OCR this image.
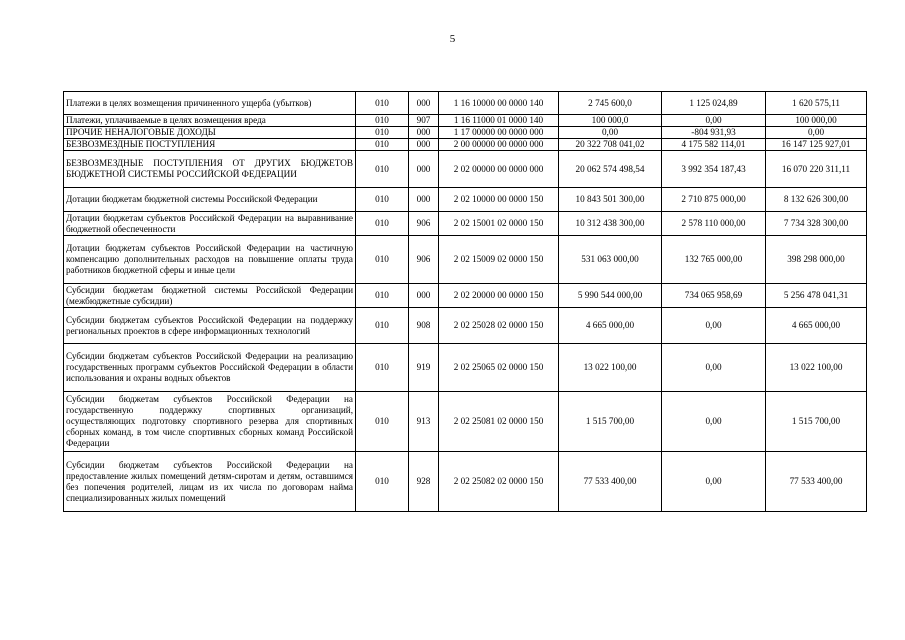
5
Платежи в целях возмещения причиненного ущерба (убытков)	010	000	1 16 10000 00 0000 140	2 745 600,0	1 125 024,89	1 620 575,11
Платежи, уплачиваемые в целях возмещения вреда	010	907	1 16 11000 01 0000 140	100 000,0	0,00	100 000,00
ПРОЧИЕ НЕНАЛОГОВЫЕ ДОХОДЫ	010	000	1 17 00000 00 0000 000	0,00	-804 931,93	0,00
БЕЗВОЗМЕЗДНЫЕ ПОСТУПЛЕНИЯ	010	000	2 00 00000 00 0000 000	20 322 708 041,02	4 175 582 114,01	16 147 125 927,01
БЕЗВОЗМЕЗДНЫЕ ПОСТУПЛЕНИЯ ОТ ДРУГИХ БЮДЖЕТОВ БЮДЖЕТНОЙ СИСТЕМЫ РОССИЙСКОЙ ФЕДЕРАЦИИ	010	000	2 02 00000 00 0000 000	20 062 574 498,54	3 992 354 187,43	16 070 220 311,11
Дотации бюджетам бюджетной системы Российской Федерации	010	000	2 02 10000 00 0000 150	10 843 501 300,00	2 710 875 000,00	8 132 626 300,00
Дотации бюджетам субъектов Российской Федерации на выравнивание бюджетной обеспеченности	010	906	2 02 15001 02 0000 150	10 312 438 300,00	2 578 110 000,00	7 734 328 300,00
Дотации бюджетам субъектов Российской Федерации на частичную компенсацию дополнительных расходов на повышение оплаты труда работников бюджетной сферы и иные цели	010	906	2 02 15009 02 0000 150	531 063 000,00	132 765 000,00	398 298 000,00
Субсидии бюджетам бюджетной системы Российской Федерации (межбюджетные субсидии)	010	000	2 02 20000 00 0000 150	5 990 544 000,00	734 065 958,69	5 256 478 041,31
Субсидии бюджетам субъектов Российской Федерации на поддержку региональных проектов в сфере информационных технологий	010	908	2 02 25028 02 0000 150	4 665 000,00	0,00	4 665 000,00
Субсидии бюджетам субъектов Российской Федерации на реализацию государственных программ субъектов Российской Федерации в области использования и охраны водных объектов	010	919	2 02 25065 02 0000 150	13 022 100,00	0,00	13 022 100,00
Субсидии бюджетам субъектов Российской Федерации на государственную поддержку спортивных организаций, осуществляющих подготовку спортивного резерва для спортивных сборных команд, в том числе спортивных сборных команд Российской Федерации	010	913	2 02 25081 02 0000 150	1 515 700,00	0,00	1 515 700,00
Субсидии бюджетам субъектов Российской Федерации на предоставление жилых помещений детям-сиротам и детям, оставшимся без попечения родителей, лицам из их числа по договорам найма специализированных жилых помещений	010	928	2 02 25082 02 0000 150	77 533 400,00	0,00	77 533 400,00
